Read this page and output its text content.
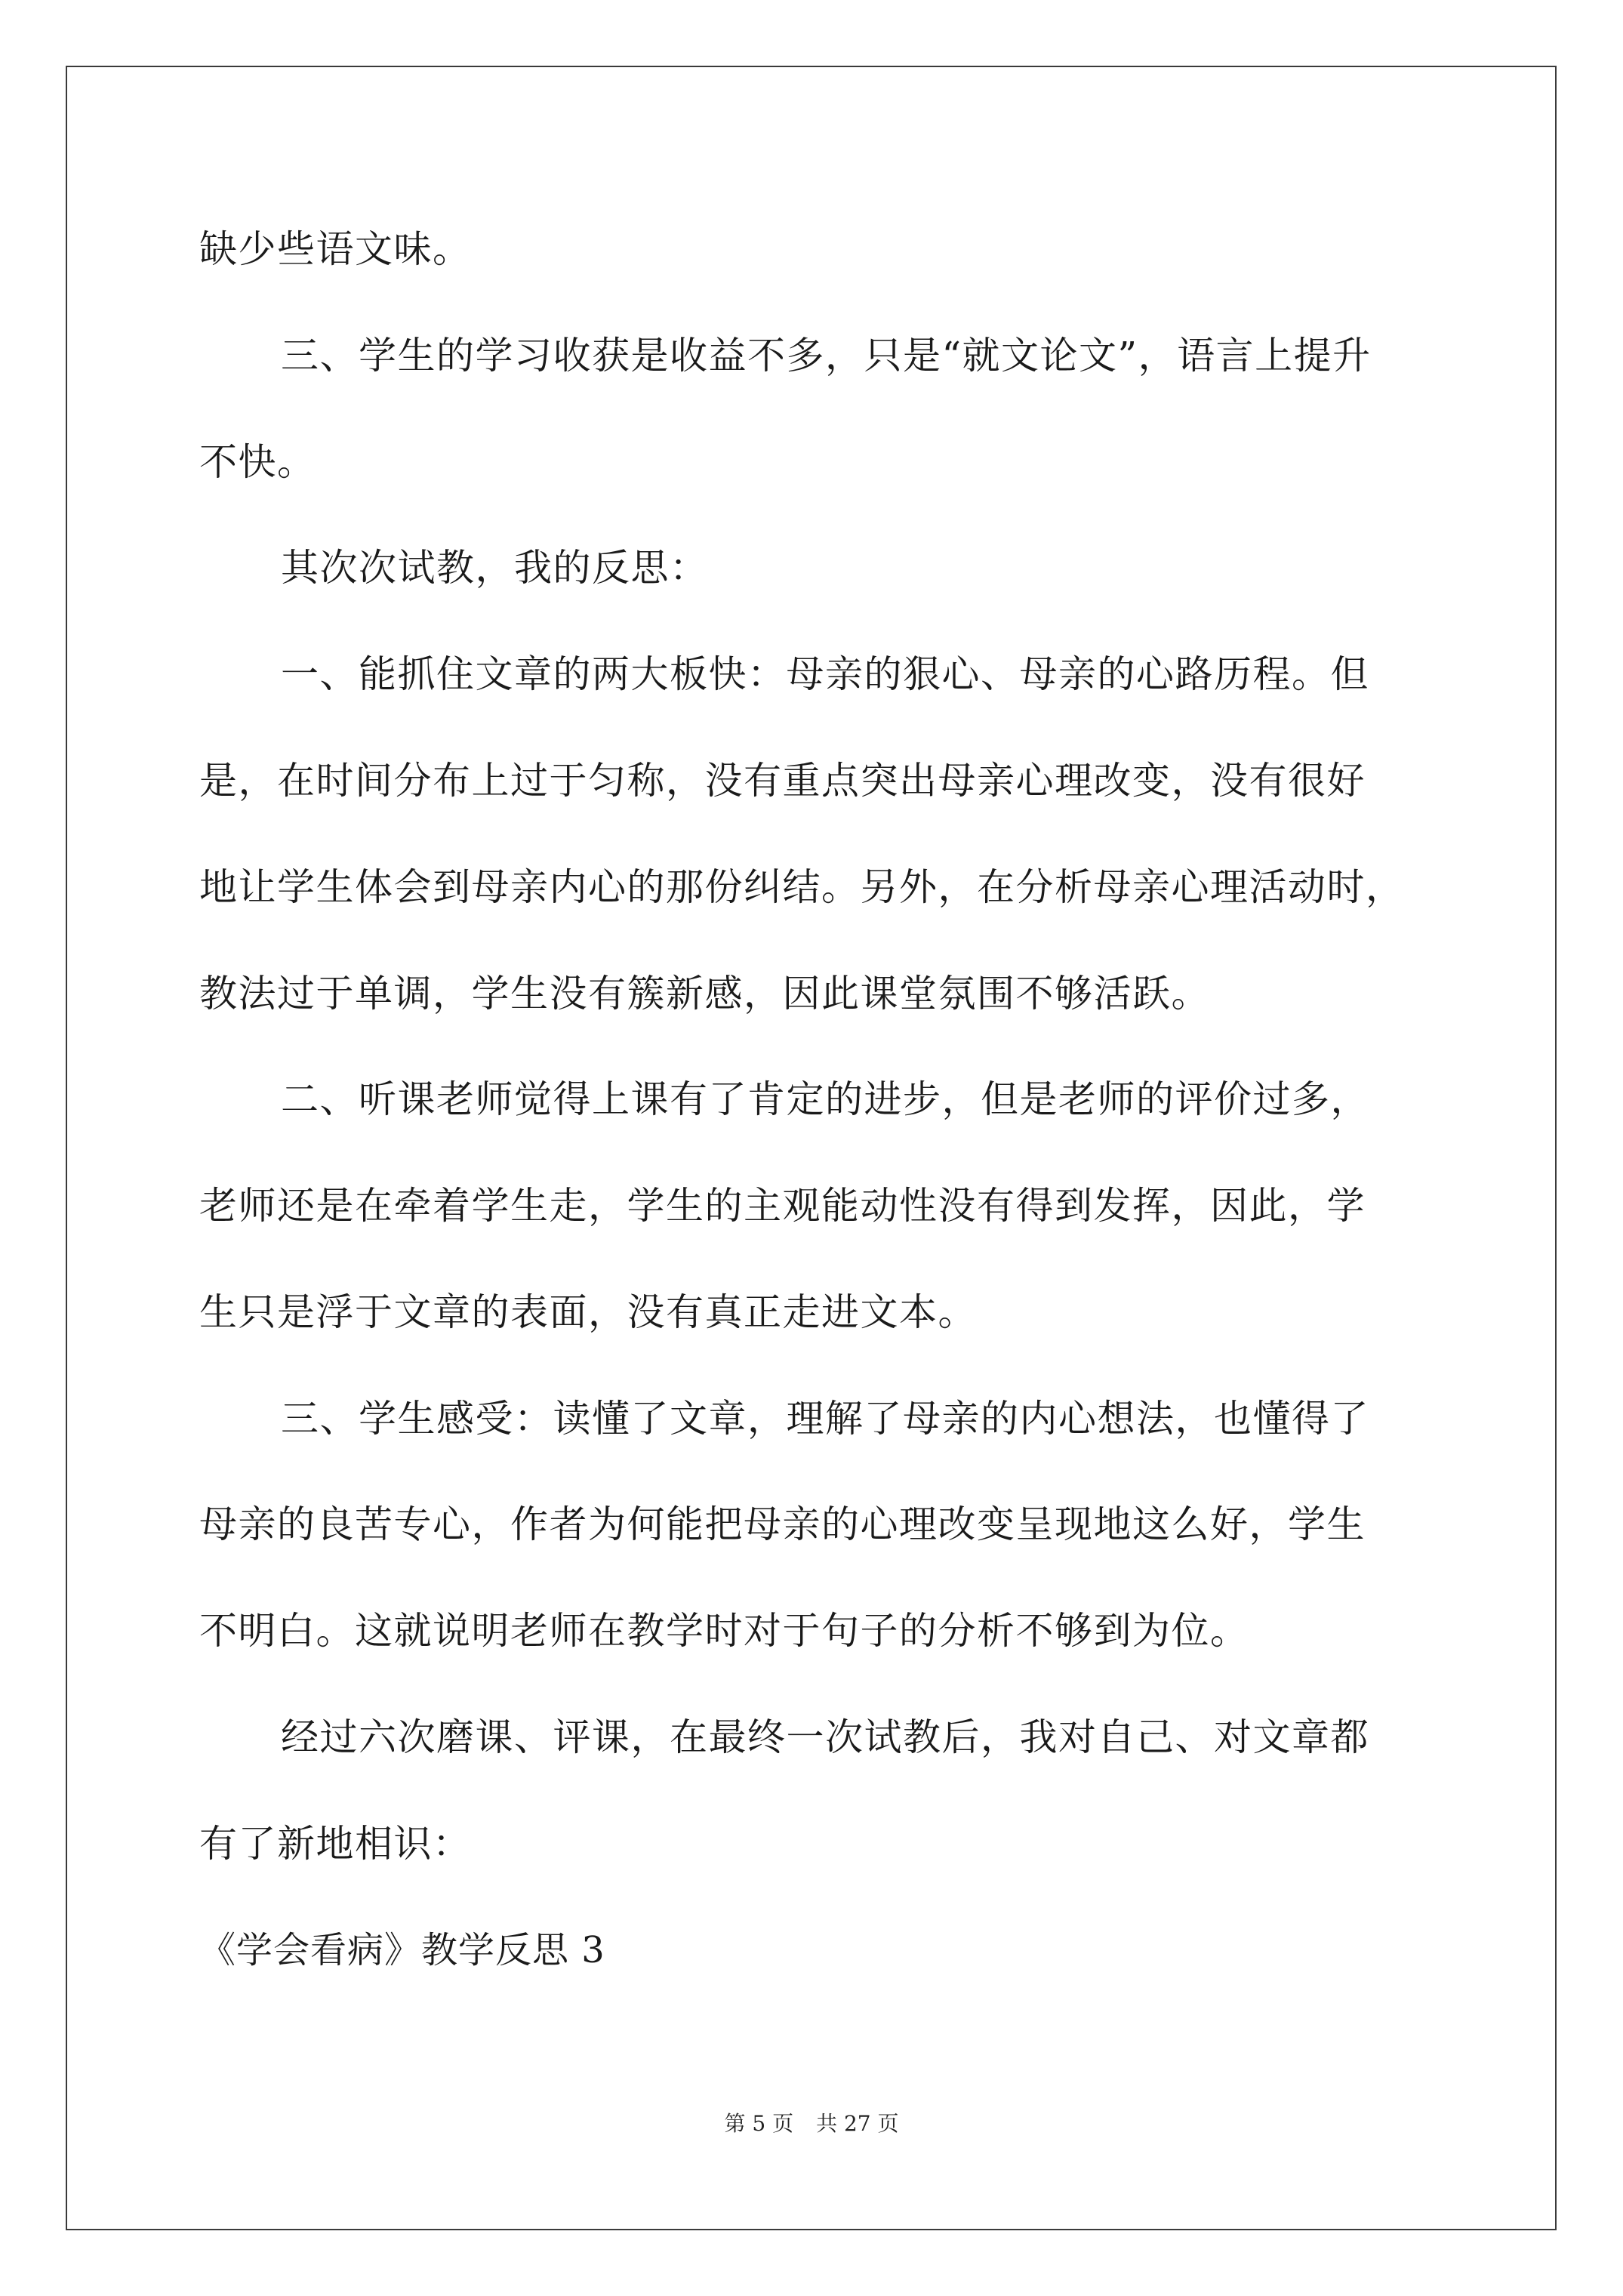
缺少些语文味。
三、学生的学习收获是收益不多，只是“就文论文”，语言上提升
不快。
其次次试教，我的反思：
一、能抓住文章的两大板快：母亲的狠心、母亲的心路历程。但
是，在时间分布上过于匀称，没有重点突出母亲心理改变，没有很好
地让学生体会到母亲内心的那份纠结。另外，在分析母亲心理活动时，
教法过于单调，学生没有簇新感，因此课堂氛围不够活跃。
二、听课老师觉得上课有了肯定的进步，但是老师的评价过多，
老师还是在牵着学生走，学生的主观能动性没有得到发挥，因此，学
生只是浮于文章的表面，没有真正走进文本。
三、学生感受：读懂了文章，理解了母亲的内心想法，也懂得了
母亲的良苦专心，作者为何能把母亲的心理改变呈现地这么好，学生
不明白。这就说明老师在教学时对于句子的分析不够到为位。
经过六次磨课、评课，在最终一次试教后，我对自己、对文章都
有了新地相识：
《学会看病》教学反思 3
第 5 页 共 27 页
